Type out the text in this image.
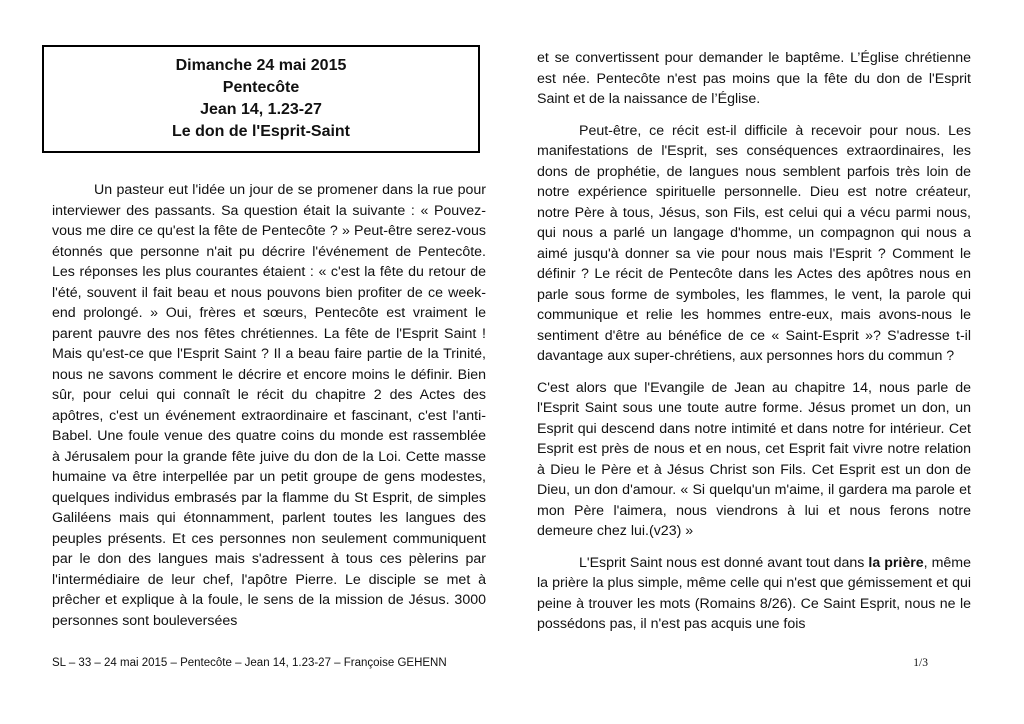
Dimanche 24 mai 2015
Pentecôte
Jean 14, 1.23-27
Le don de l'Esprit-Saint

Un pasteur eut l'idée un jour de se promener dans la rue pour interviewer des passants. Sa question était la suivante : « Pouvez-vous me dire ce qu'est la fête de Pentecôte ? » Peut-être serez-vous étonnés que personne n'ait pu décrire l'événement de Pentecôte. Les réponses les plus courantes étaient : « c'est la fête du retour de l'été, souvent il fait beau et nous pouvons bien profiter de ce week-end prolongé. » Oui, frères et sœurs, Pentecôte est vraiment le parent pauvre des nos fêtes chrétiennes. La fête de l'Esprit Saint ! Mais qu'est-ce que l'Esprit Saint ? Il a beau faire partie de la Trinité, nous ne savons comment le décrire et encore moins le définir. Bien sûr, pour celui qui connaît le récit du chapitre 2 des Actes des apôtres, c'est un événement extraordinaire et fascinant, c'est l'anti-Babel. Une foule venue des quatre coins du monde est rassemblée à Jérusalem pour la grande fête juive du don de la Loi. Cette masse humaine va être interpellée par un petit groupe de gens modestes, quelques individus embrasés par la flamme du St Esprit, de simples Galiléens mais qui étonnamment, parlent toutes les langues des peuples présents. Et ces personnes non seulement communiquent par le don des langues mais s'adressent à tous ces pèlerins par l'intermédiaire de leur chef, l'apôtre Pierre. Le disciple se met à prêcher et explique à la foule, le sens de la mission de Jésus. 3000 personnes sont bouleversées

et se convertissent pour demander le baptême. L’Église chrétienne est née. Pentecôte n'est pas moins que la fête du don de l'Esprit Saint et de la naissance de l’Église.

Peut-être, ce récit est-il difficile à recevoir pour nous. Les manifestations de l'Esprit, ses conséquences extraordinaires, les dons de prophétie, de langues nous semblent parfois très loin de notre expérience spirituelle personnelle. Dieu est notre créateur, notre Père à tous, Jésus, son Fils, est celui qui a vécu parmi nous, qui nous a parlé un langage d'homme, un compagnon qui nous a aimé jusqu'à donner sa vie pour nous mais l'Esprit ? Comment le définir ? Le récit de Pentecôte dans les Actes des apôtres nous en parle sous forme de symboles, les flammes, le vent, la parole qui communique et relie les hommes entre-eux, mais avons-nous le sentiment d'être au bénéfice de ce « Saint-Esprit »? S'adresse t-il davantage aux super-chrétiens, aux personnes hors du commun ?

C'est alors que l'Evangile de Jean au chapitre 14, nous parle de l'Esprit Saint sous une toute autre forme. Jésus promet un don, un Esprit qui descend dans notre intimité et dans notre for intérieur. Cet Esprit est près de nous et en nous, cet Esprit fait vivre notre relation à Dieu le Père et à Jésus Christ son Fils. Cet Esprit est un don de Dieu, un don d'amour. « Si quelqu'un m'aime, il gardera ma parole et mon Père l'aimera, nous viendrons à lui et nous ferons notre demeure chez lui.(v23) »

L'Esprit Saint nous est donné avant tout dans la prière, même la prière la plus simple, même celle qui n'est que gémissement et qui peine à trouver les mots (Romains 8/26). Ce Saint Esprit, nous ne le possédons pas, il n'est pas acquis une fois

SL – 33 – 24 mai 2015 – Pentecôte – Jean 14, 1.23-27 – Françoise GEHENN	1/3
